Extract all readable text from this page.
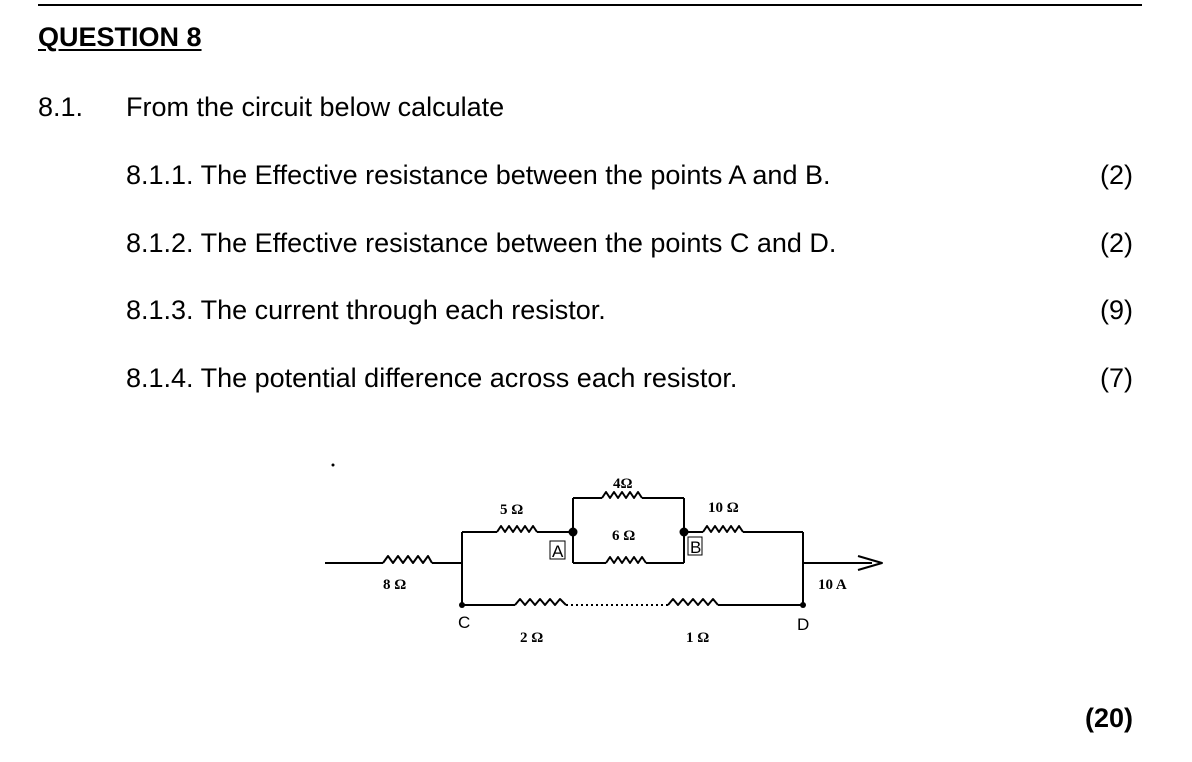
QUESTION 8
8.1. From the circuit below calculate
8.1.1. The Effective resistance between the points A and B.	(2)
8.1.2. The Effective resistance between the points C and D.	(2)
8.1.3. The current through each resistor.	(9)
8.1.4. The potential difference across each resistor.	(7)
8 Ω
5 Ω
4Ω
6 Ω
10 Ω
2 Ω	1 Ω
10 A
A	B
C	D
(20)
